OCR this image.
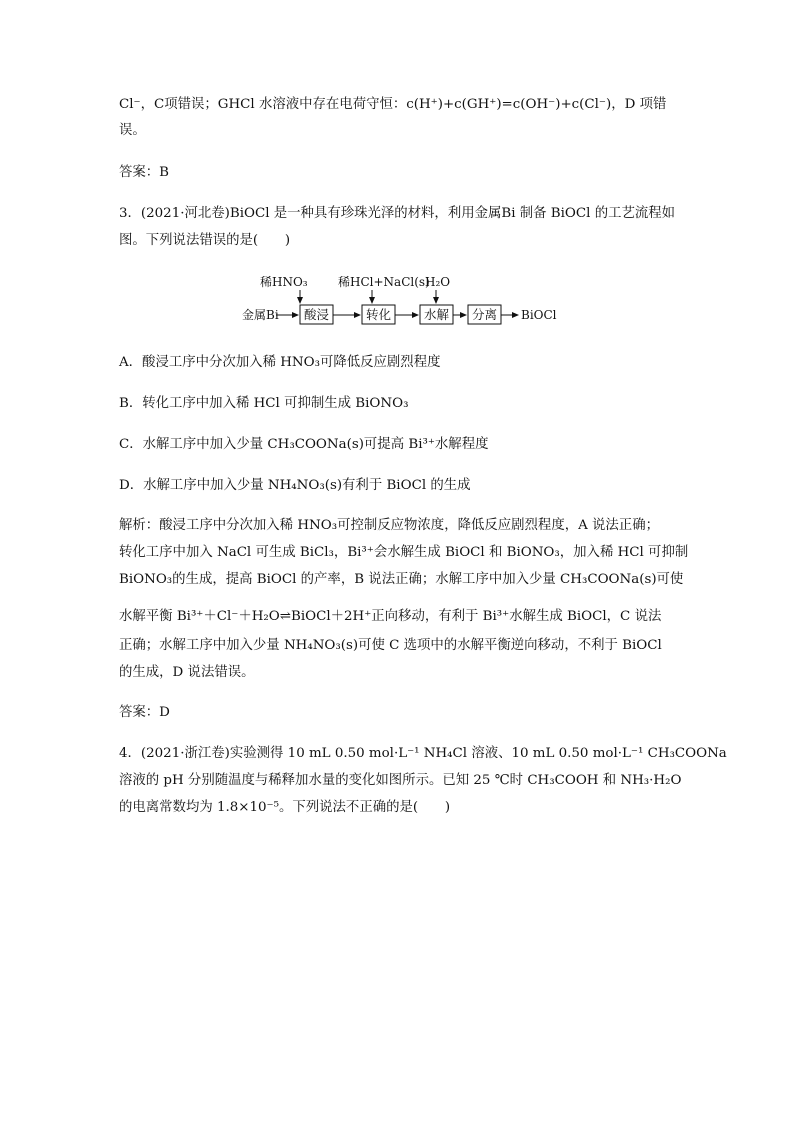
Cl⁻，C项错误；GHCl 水溶液中存在电荷守恒：c(H⁺)+c(GH⁺)=c(OH⁻)+c(Cl⁻)，D 项错
误。
答案：B
3．(2021·河北卷)BiOCl 是一种具有珍珠光泽的材料，利用金属Bi 制备 BiOCl 的工艺流程如
图。下列说法错误的是(　　)
稀HNO₃	稀HCl+NaCl(s)
H₂O
金属Bi 酸浸	转化	水解 分离 BiOCl
A．酸浸工序中分次加入稀 HNO₃可降低反应剧烈程度
B．转化工序中加入稀 HCl 可抑制生成 BiONO₃
C．水解工序中加入少量 CH₃COONa(s)可提高 Bi³⁺水解程度
D．水解工序中加入少量 NH₄NO₃(s)有利于 BiOCl 的生成
解析：酸浸工序中分次加入稀 HNO₃可控制反应物浓度，降低反应剧烈程度，A 说法正确；
转化工序中加入 NaCl 可生成 BiCl₃，Bi³⁺会水解生成 BiOCl 和 BiONO₃，加入稀 HCl 可抑制
BiONO₃的生成，提高 BiOCl 的产率，B 说法正确；水解工序中加入少量 CH₃COONa(s)可使
水解平衡 Bi³⁺＋Cl⁻＋H₂O⇌BiOCl＋2H⁺正向移动，有利于 Bi³⁺水解生成 BiOCl，C 说法
正确；水解工序中加入少量 NH₄NO₃(s)可使 C 选项中的水解平衡逆向移动，不利于 BiOCl
的生成，D 说法错误。
答案：D
4．(2021·浙江卷)实验测得 10 mL 0.50 mol·L⁻¹ NH₄Cl 溶液、10 mL 0.50 mol·L⁻¹ CH₃COONa
溶液的 pH 分别随温度与稀释加水量的变化如图所示。已知 25 ℃时 CH₃COOH 和 NH₃·H₂O
的电离常数均为 1.8×10⁻⁵。下列说法不正确的是(　　)
